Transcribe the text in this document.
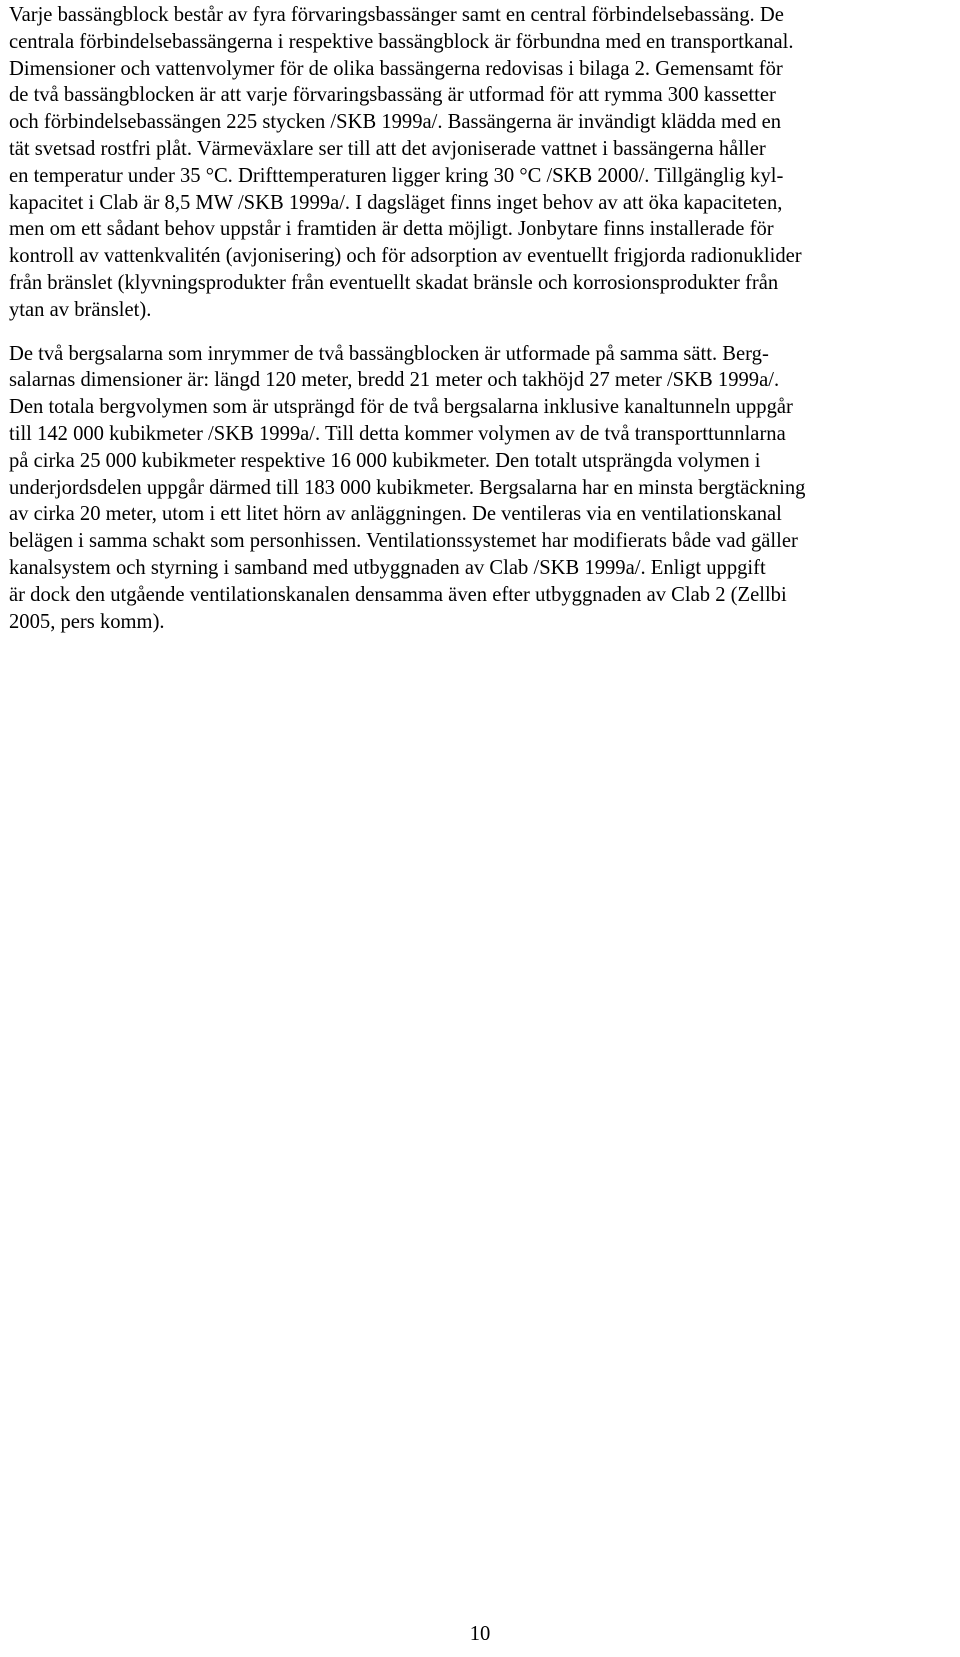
Varje bassängblock består av fyra förvaringsbassänger samt en central förbindelsebassäng. De
centrala förbindelsebassängerna i respektive bassängblock är förbundna med en transportkanal.
Dimensioner och vattenvolymer för de olika bassängerna redovisas i bilaga 2. Gemensamt för
de två bassängblocken är att varje förvaringsbassäng är utformad för att rymma 300 kassetter
och förbindelsebassängen 225 stycken /SKB 1999a/. Bassängerna är invändigt klädda med en
tät svetsad rostfri plåt. Värmeväxlare ser till att det avjoniserade vattnet i bassängerna håller
en temperatur under 35 °C. Drifttemperaturen ligger kring 30 °C /SKB 2000/. Tillgänglig kyl-
kapacitet i Clab är 8,5 MW /SKB 1999a/. I dagsläget finns inget behov av att öka kapaciteten,
men om ett sådant behov uppstår i framtiden är detta möjligt. Jonbytare finns installerade för
kontroll av vattenkvalitén (avjonisering) och för adsorption av eventuellt frigjorda radionuklider
från bränslet (klyvningsprodukter från eventuellt skadat bränsle och korrosionsprodukter från
ytan av bränslet).

De två bergsalarna som inrymmer de två bassängblocken är utformade på samma sätt. Berg-
salarnas dimensioner är: längd 120 meter, bredd 21 meter och takhöjd 27 meter /SKB 1999a/.
Den totala bergvolymen som är utsprängd för de två bergsalarna inklusive kanaltunneln uppgår
till 142 000 kubikmeter /SKB 1999a/. Till detta kommer volymen av de två transporttunnlarna
på cirka 25 000 kubikmeter respektive 16 000 kubikmeter. Den totalt utsprängda volymen i
underjordsdelen uppgår därmed till 183 000 kubikmeter. Bergsalarna har en minsta bergtäckning
av cirka 20 meter, utom i ett litet hörn av anläggningen. De ventileras via en ventilationskanal
belägen i samma schakt som personhissen. Ventilationssystemet har modifierats både vad gäller
kanalsystem och styrning i samband med utbyggnaden av Clab /SKB 1999a/. Enligt uppgift
är dock den utgående ventilationskanalen densamma även efter utbyggnaden av Clab 2 (Zellbi
2005, pers komm).

10
